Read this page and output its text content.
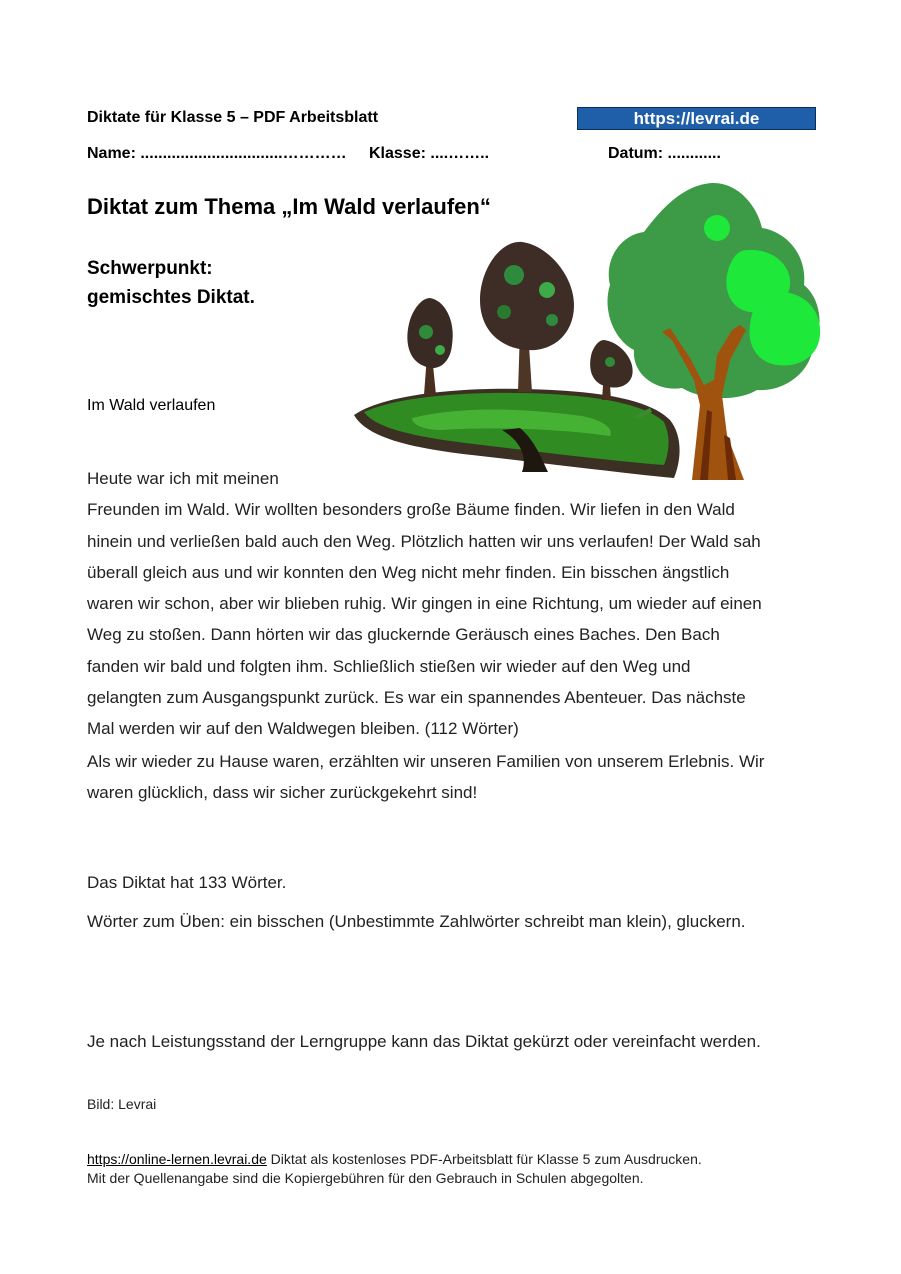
Diktate für Klasse 5 – PDF Arbeitsblatt	https://levrai.de
Name: ................................………… Klasse: ....……..	Datum: ............
Diktat zum Thema „Im Wald verlaufen“
Schwerpunkt:
gemischtes Diktat.
Im Wald verlaufen
Heute war ich mit meinen
Freunden im Wald. Wir wollten besonders große Bäume finden. Wir liefen in den Wald
hinein und verließen bald auch den Weg. Plötzlich hatten wir uns verlaufen! Der Wald sah
überall gleich aus und wir konnten den Weg nicht mehr finden. Ein bisschen ängstlich
waren wir schon, aber wir blieben ruhig. Wir gingen in eine Richtung, um wieder auf einen
Weg zu stoßen. Dann hörten wir das gluckernde Geräusch eines Baches. Den Bach
fanden wir bald und folgten ihm. Schließlich stießen wir wieder auf den Weg und
gelangten zum Ausgangspunkt zurück. Es war ein spannendes Abenteuer. Das nächste
Mal werden wir auf den Waldwegen bleiben. (112 Wörter)
Als wir wieder zu Hause waren, erzählten wir unseren Familien von unserem Erlebnis. Wir
waren glücklich, dass wir sicher zurückgekehrt sind!
Das Diktat hat 133 Wörter.
Wörter zum Üben: ein bisschen (Unbestimmte Zahlwörter schreibt man klein), gluckern.
Je nach Leistungsstand der Lerngruppe kann das Diktat gekürzt oder vereinfacht werden.
Bild: Levrai
https://online-lernen.levrai.de Diktat als kostenloses PDF-Arbeitsblatt für Klasse 5 zum Ausdrucken.
Mit der Quellenangabe sind die Kopiergebühren für den Gebrauch in Schulen abgegolten.
